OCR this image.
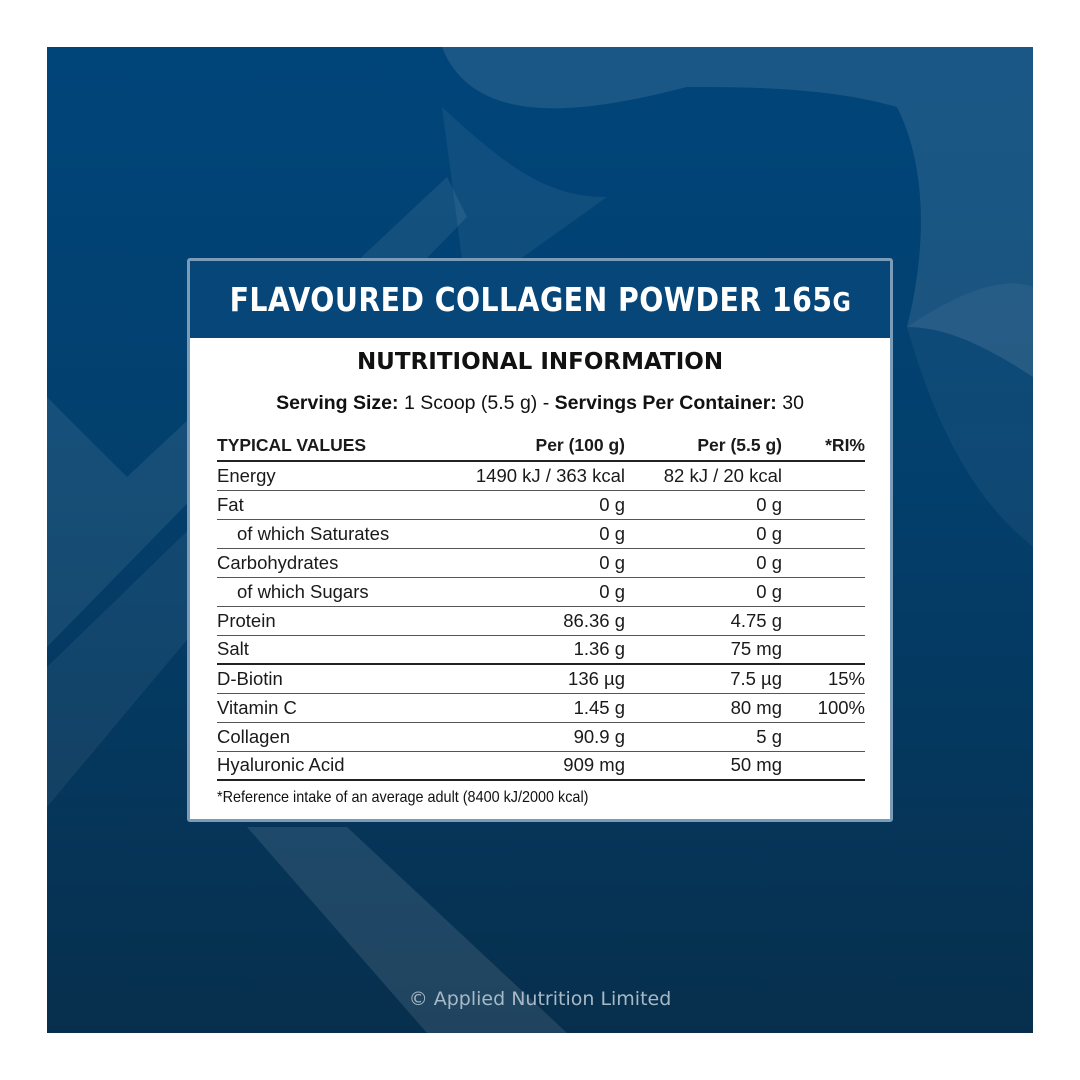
FLAVOURED COLLAGEN POWDER 165G
NUTRITIONAL INFORMATION
Serving Size: 1 Scoop (5.5 g) - Servings Per Container: 30
TYPICAL VALUES	Per (100 g)	Per (5.5 g)	*RI%
Energy	1490 kJ / 363 kcal	82 kJ / 20 kcal	
Fat	0 g	0 g	
of which Saturates	0 g	0 g	
Carbohydrates	0 g	0 g	
of which Sugars	0 g	0 g	
Protein	86.36 g	4.75 g	
Salt	1.36 g	75 mg	
D-Biotin	136 µg	7.5 µg	15%
Vitamin C	1.45 g	80 mg	100%
Collagen	90.9 g	5 g	
Hyaluronic Acid	909 mg	50 mg	
*Reference intake of an average adult (8400 kJ/2000 kcal)
© Applied Nutrition Limited
